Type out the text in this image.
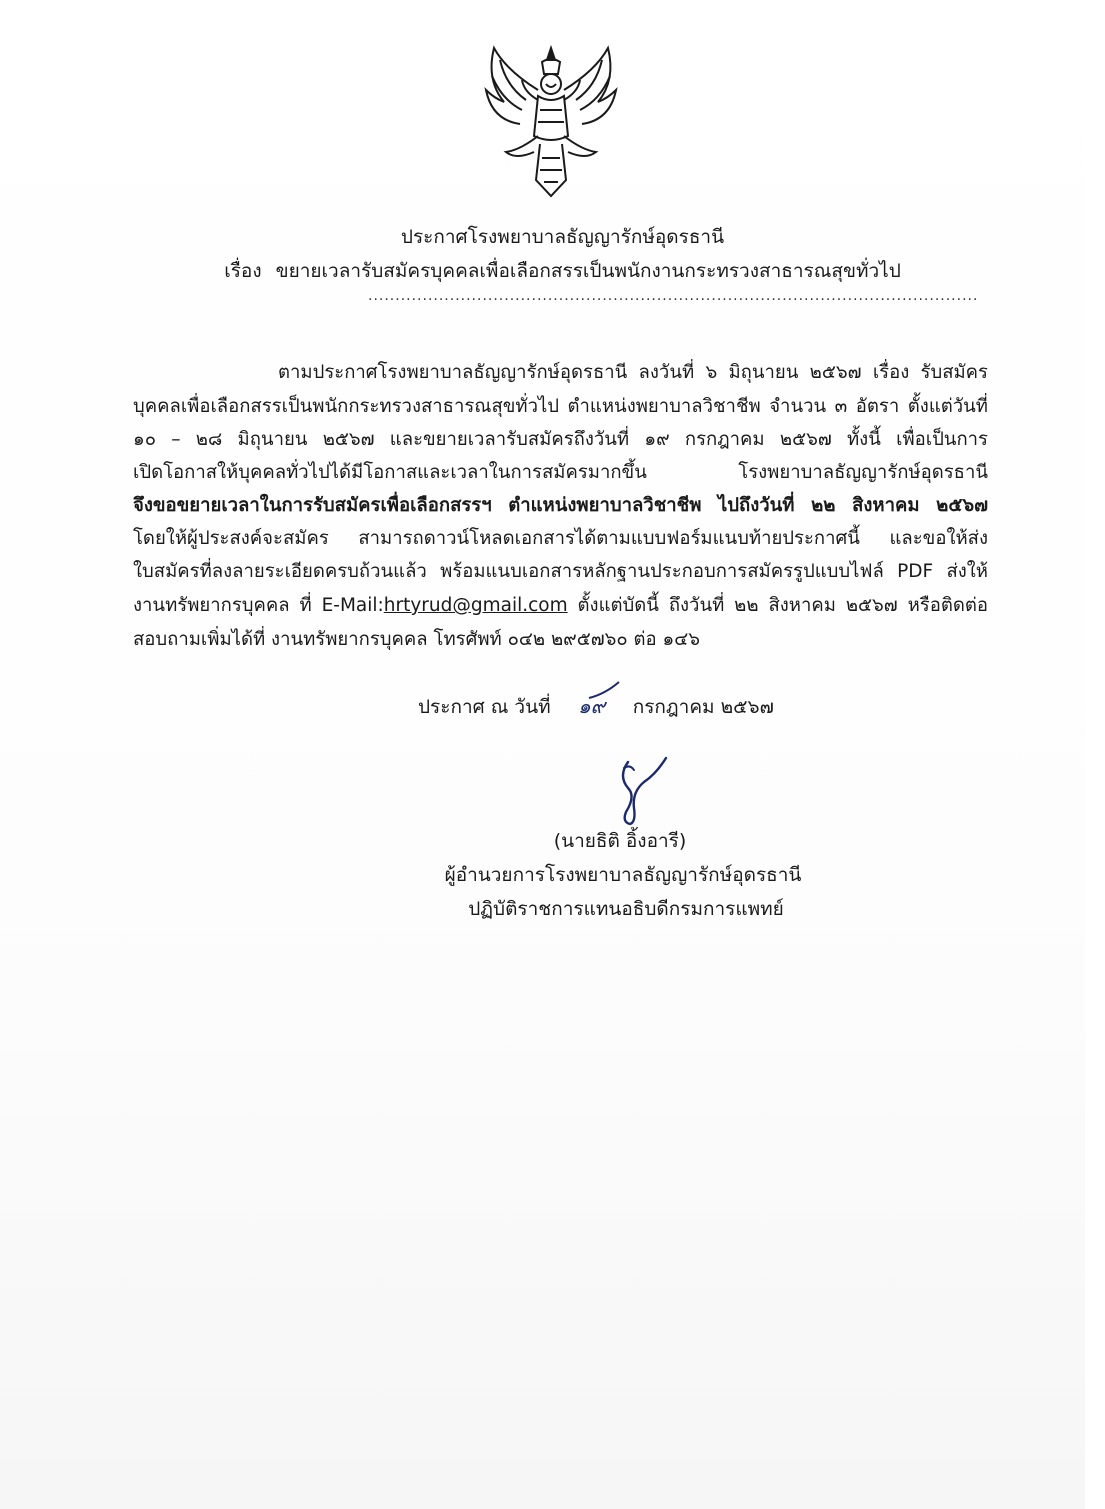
ประกาศโรงพยาบาลธัญญารักษ์อุดรธานี
เรื่อง ขยายเวลารับสมัครบุคคลเพื่อเลือกสรรเป็นพนักงานกระทรวงสาธารณสุขทั่วไป
................................................................................................................
ตามประกาศโรงพยาบาลธัญญารักษ์อุดรธานี ลงวันที่ ๖ มิถุนายน ๒๕๖๗ เรื่อง รับสมัคร
บุคคลเพื่อเลือกสรรเป็นพนักกระทรวงสาธารณสุขทั่วไป ตำแหน่งพยาบาลวิชาชีพ จำนวน ๓ อัตรา ตั้งแต่วันที่
๑๐ – ๒๘ มิถุนายน ๒๕๖๗ และขยายเวลารับสมัครถึงวันที่ ๑๙ กรกฎาคม ๒๕๖๗ ทั้งนี้ เพื่อเป็นการ
เปิดโอกาสให้บุคคลทั่วไปได้มีโอกาสและเวลาในการสมัครมากขึ้น โรงพยาบาลธัญญารักษ์อุดรธานี
จึงขอขยายเวลาในการรับสมัครเพื่อเลือกสรรฯ ตำแหน่งพยาบาลวิชาชีพ ไปถึงวันที่ ๒๒ สิงหาคม ๒๕๖๗
โดยให้ผู้ประสงค์จะสมัคร สามารถดาวน์โหลดเอกสารได้ตามแบบฟอร์มแนบท้ายประกาศนี้ และขอให้ส่ง
ใบสมัครที่ลงลายระเอียดครบถ้วนแล้ว พร้อมแนบเอกสารหลักฐานประกอบการสมัครรูปแบบไฟล์ PDF ส่งให้
งานทรัพยากรบุคคล ที่ E-Mail:hrtyrud@gmail.com ตั้งแต่บัดนี้ ถึงวันที่ ๒๒ สิงหาคม ๒๕๖๗ หรือติดต่อ
สอบถามเพิ่มได้ที่ งานทรัพยากรบุคคล โทรศัพท์ ๐๔๒ ๒๙๕๗๖๐ ต่อ ๑๔๖
ประกาศ ณ วันที่ ๑๙ กรกฎาคม ๒๕๖๗
(นายธิติ อิ้งอารี)
ผู้อำนวยการโรงพยาบาลธัญญารักษ์อุดรธานี
ปฏิบัติราชการแทนอธิบดีกรมการแพทย์
